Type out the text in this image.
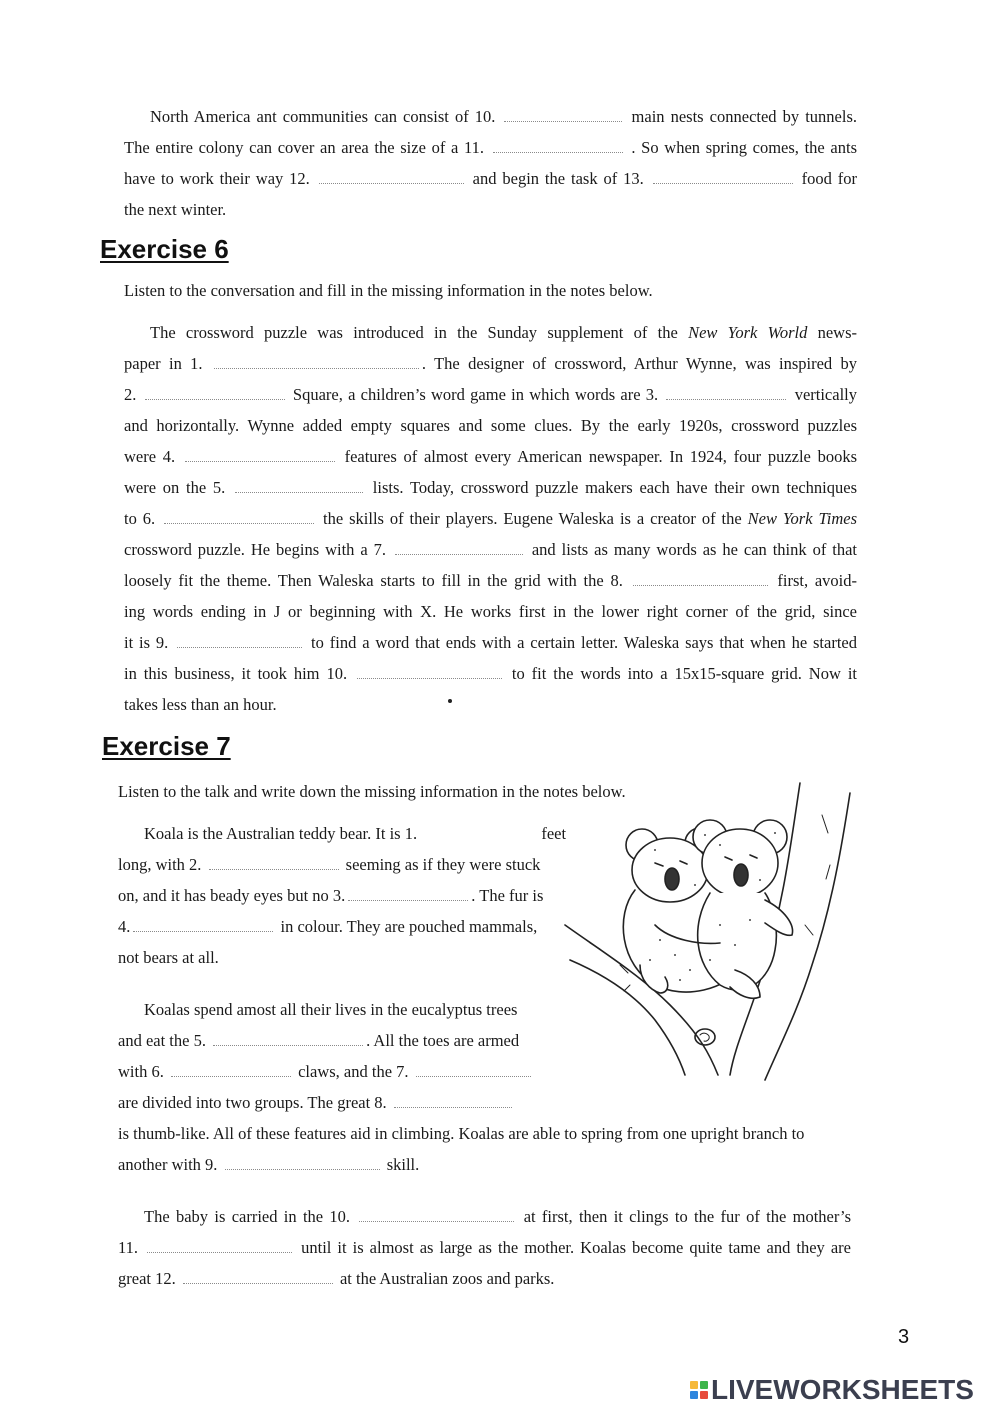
North America ant communities can consist of 10.	main nests connected by tunnels.

The entire colony can cover an area the size of a 11.	. So when spring comes, the ants

have to work their way 12.	and begin the task of 13.	food for

the next winter.

Exercise 6

Listen to the conversation and fill in the missing information in the notes below.

The crossword puzzle was introduced in the Sunday supplement of the New York World news-

paper in 1.	. The designer of crossword, Arthur Wynne, was inspired by

2.	Square, a children’s word game in which words are 3.	vertically

and horizontally. Wynne added empty squares and some clues. By the early 1920s, crossword puzzles

were 4.	features of almost every American newspaper. In 1924, four puzzle books

were on the 5.	lists. Today, crossword puzzle makers each have their own techniques

to 6.	the skills of their players. Eugene Waleska is a creator of the New York Times

crossword puzzle. He begins with a 7.	and lists as many words as he can think of that

loosely fit the theme. Then Waleska starts to fill in the grid with the 8.	first, avoid-

ing words ending in J or beginning with X. He works first in the lower right corner of the grid, since

it is 9.	to find a word that ends with a certain letter. Waleska says that when he started

in this business, it took him 10.	to fit the words into a 15x15-square grid. Now it

takes less than an hour.

Exercise 7

Listen to the talk and write down the missing information in the notes below.

Koala is the Australian teddy bear. It is 1.	feet

long, with 2.	seeming as if they were stuck

on, and it has beady eyes but no 3.	. The fur is

4.	in colour. They are pouched mammals,

not bears at all.

Koalas spend amost all their lives in the eucalyptus trees

and eat the 5.	. All the toes are armed

with 6.	claws, and the 7.

are divided into two groups. The great 8.

is thumb-like. All of these features aid in climbing. Koalas are able to spring from one upright branch to

another with 9.	skill.

The baby is carried in the 10.	at first, then it clings to the fur of the mother’s

11.	until it is almost as large as the mother. Koalas become quite tame and they are

great 12.	at the Australian zoos and parks.

3
LIVEWORKSHEETS
